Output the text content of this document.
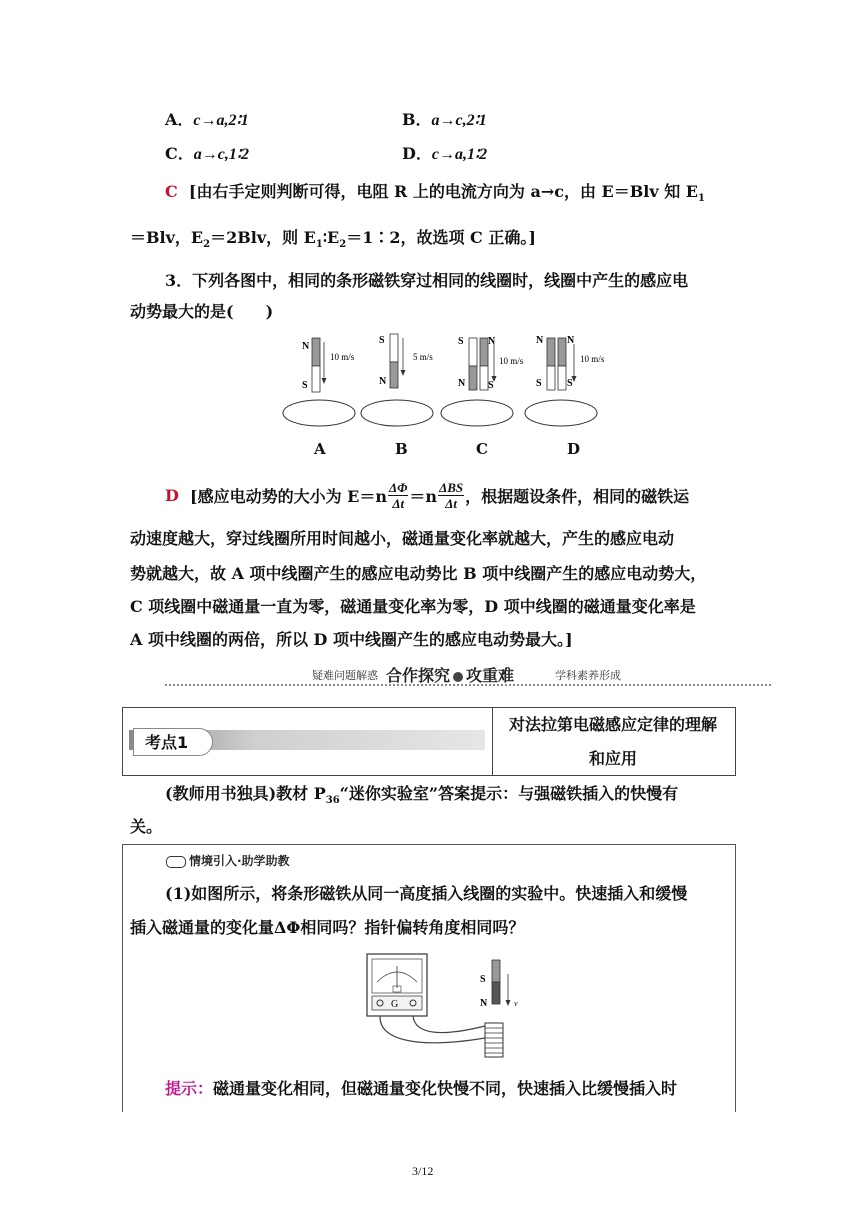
A．c→a,2∶1	B．a→c,2∶1
C．a→c,1∶2	D．c→a,1∶2
C [由右手定则判断可得，电阻 R 上的电流方向为 a→c，由 E＝Blv 知 $E_1$
＝Blv，$E_2=2Blv$，则 $E_1∶E_2=1∶2$，故选项 C 正确。]
3．下列各图中，相同的条形磁铁穿过相同的线圈时，线圈中产生的感应电
动势最大的是(　　)
N
S
10 m/s
S
N
5 m/s
S
N
N
S
10 m/s
N
S
N
S
10 m/s
A	B	C	D
D
[感应电动势的大小为 E＝n ΔΦ
Δt ＝n ΔBS
Δt ，根据题设条件，相同的磁铁运
动速度越大，穿过线圈所用时间越小，磁通量变化率就越大，产生的感应电动
势就越大，故 A 项中线圈产生的感应电动势比 B 项中线圈产生的感应电动势大，
C 项线圈中磁通量一直为零，磁通量变化率为零，D 项中线圈的磁通量变化率是
A 项中线圈的两倍，所以 D 项中线圈产生的感应电动势最大。]
疑难问题解惑 合作探究 攻重难	学科素养形成
考点1
对法拉第电磁感应定律的理解
和应用
(教师用书独具)教材 $P_{36}“$迷你实验室”答案提示：与强磁铁插入的快慢有
关。
情境引入·助学助教
(1)如图所示，将条形磁铁从同一高度插入线圈的实验中。快速插入和缓慢
插入磁通量的变化量ΔΦ相同吗？指针偏转角度相同吗？
G
S
N	v
提示：磁通量变化相同，但磁通量变化快慢不同，快速插入比缓慢插入时
3/12
